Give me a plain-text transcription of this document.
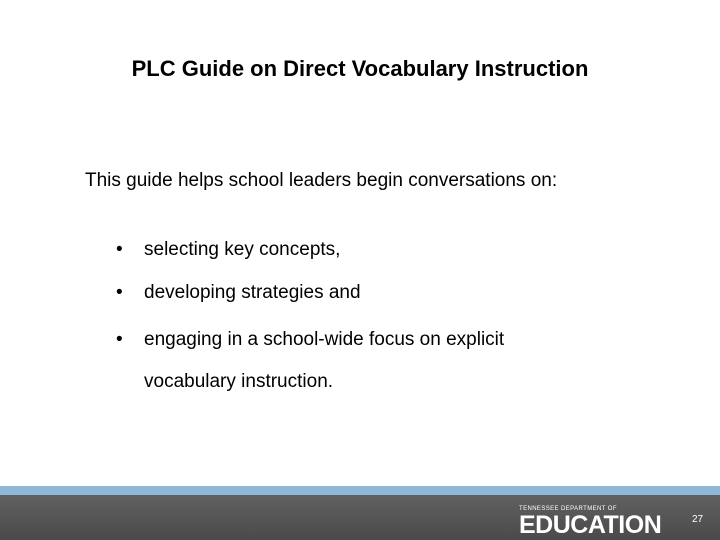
PLC Guide on Direct Vocabulary Instruction
This guide helps school leaders begin conversations on:
• selecting key concepts,
• developing strategies and
• engaging in a school-wide focus on explicit vocabulary instruction.
TENNESSEE DEPARTMENT OF
EDUCATION	27
